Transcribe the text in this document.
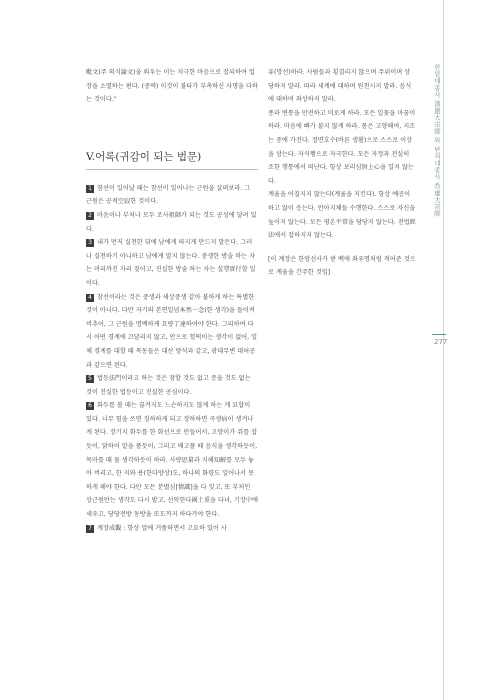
毗文(주 의식論文)을 외우는 이는 지극한 마음으로 잡되하여 업장을 소멸하는 편다. (중략) 이것이 불타가 부촉하신 사명을 다하는 것이다."

V.어록(귀감이 되는 법문)

1 참선이 일어날 때는 참선이 일어나는 근원을 살펴보라. 그 근원은 공적空寂한 것이다.

2 마음이나 부처나 모두 조사祖師가 되는 것도 공성에 달려 있다.

3 내가 먼저 실천한 뒤에 남에게 따지게 만드지 말든다. 그러나 실천하기 아니하고 남에게 말지 않는다. 중생한 방술 하는 자는 머리까진 자리 짚이고, 진실한 방술 하는 자는 실행實行할 일이다.

4 참선이라는 것은 중생과 세상중생 같아 불하게 하는 특별한 것이 아니다. 다만 자기의 본연일념本然一念(한 생각)을 돌이켜 비추어, 그 근원을 명백하게 요량了達하여야 한다. 그리하여 다시 어떤 경계에 끄달리지 않고, 안으로 헐떡이는 생각이 없어, 일체 경계를 대할 때 목동들은 대산 양석과 같고, 광대무변 대허공과 같으면 된다.

5 법등法門이라고 하는 것은 잠할 것도 없고 증을 것도 없는 것이 진실한 법등이고 진실한 공심이다.

6 화두를 볼 때는 끊겨지도 느슨하지도 않게 하는 게 묘합이 있다. 너무 힘을 쓰면 징하하게 되고 장하하면 곡생病이 생겨나게 된다. 장기지 화두를 한 화선으로 만들어서, 고양이가 쥐를 잡듯이, 닭하이 알을 품듯이, 그리고 배고플 때 음식을 생각하듯이, 목마를 때 물 생각하듯이 하라. 사량思量과 지해知解를 모두 놓아 버리고, 한 지와 용(한다양상)도, 하나의 화령도 일어나서 못하게 해야 한다. 다만 모든 분별심[情識]을 다 잊고, 또 부처인 상근원만는 생각도 다시 밭고, 선악한다國土重을 다녀, 기장中에 세우고, 당당전방 동방을 또도까지 하다가야 한다.

7 계장成觀 : 항상 얼에 거품하면서 고요하 있어 사

유(망선)하라. 사람들과 횡결리지 않으며 주위이며 상당하지 말라. 따라 세계에 대하며 원천시지 말라. 음식에 대하며 좌상하지 말라.

종파 변통을 만전하고 미로게 하라. 모든 일꽃을 마꿈이 하라. 마음에 빠가 붙지 않게 하라. 몸은 고양해여, 지조는 중에 가진다. 정면호수(바른 생활)으로 스스로 이상을 삼는다. 자식쨈으로 자극한다. 모든 자정과 전실히 조한 행통에서 떠난다. 항상 보리심無上心을 일지 않는다.

계율을 어질지지 않는다(계율을 지킨다). 항상 예공이 하고 않이 응는다. 안아지체들 수행한다. 스스로 자신을 높이지 않는다. 모든 평온平常을 담당지 않는다. 전법經法에서 잡하지지 않는다.

[이 계장은 한암선사가 받 백에 좌우명처럼 적어준 것으로 계율을 간주한 것임]

한암대종사 漢巖大宗師 와 탄허대종사 呑虛大宗師
277
